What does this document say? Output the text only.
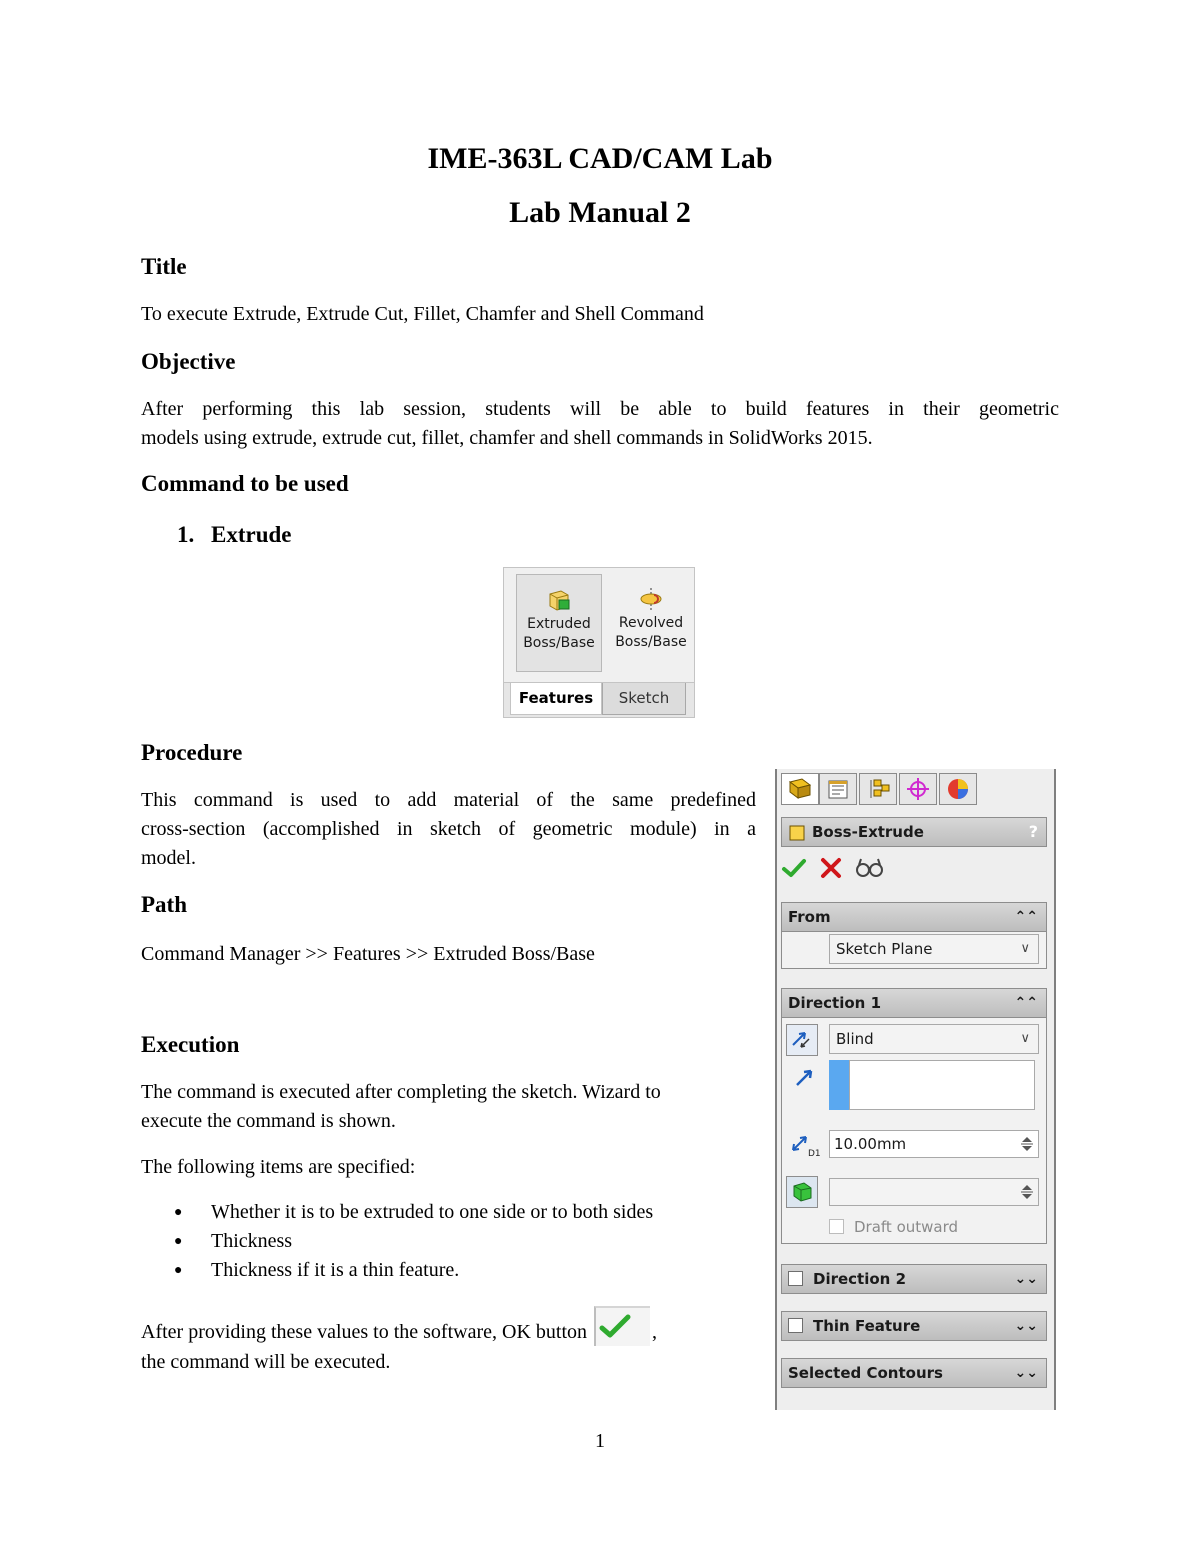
IME-363L CAD/CAM Lab
Lab Manual 2
Title
To execute Extrude, Extrude Cut, Fillet, Chamfer and Shell Command
Objective
After performing this lab session, students will be able to build features in their geometric
models using extrude, extrude cut, fillet, chamfer and shell commands in SolidWorks 2015.
Command to be used
1. Extrude
Extruded
Boss/Base
Revolved
Boss/Base
Features	Sketch
Procedure
This command is used to add material of the same predefined
cross-section (accomplished in sketch of geometric module) in a
model.
Path
Command Manager >> Features >> Extruded Boss/Base
Execution
The command is executed after completing the sketch. Wizard to
execute the command is shown.
The following items are specified:
● Whether it is to be extruded to one side or to both sides
● Thickness
● Thickness if it is a thin feature.
After providing these values to the software, OK button	,
the command will be executed.
Boss-Extrude	?
From	⌃⌃
Sketch Plane	∨
Direction 1	⌃⌃
Blind	∨
D1
10.00mm
Draft outward
Direction 2	⌄⌄
Thin Feature	⌄⌄
Selected Contours	⌄⌄
1
